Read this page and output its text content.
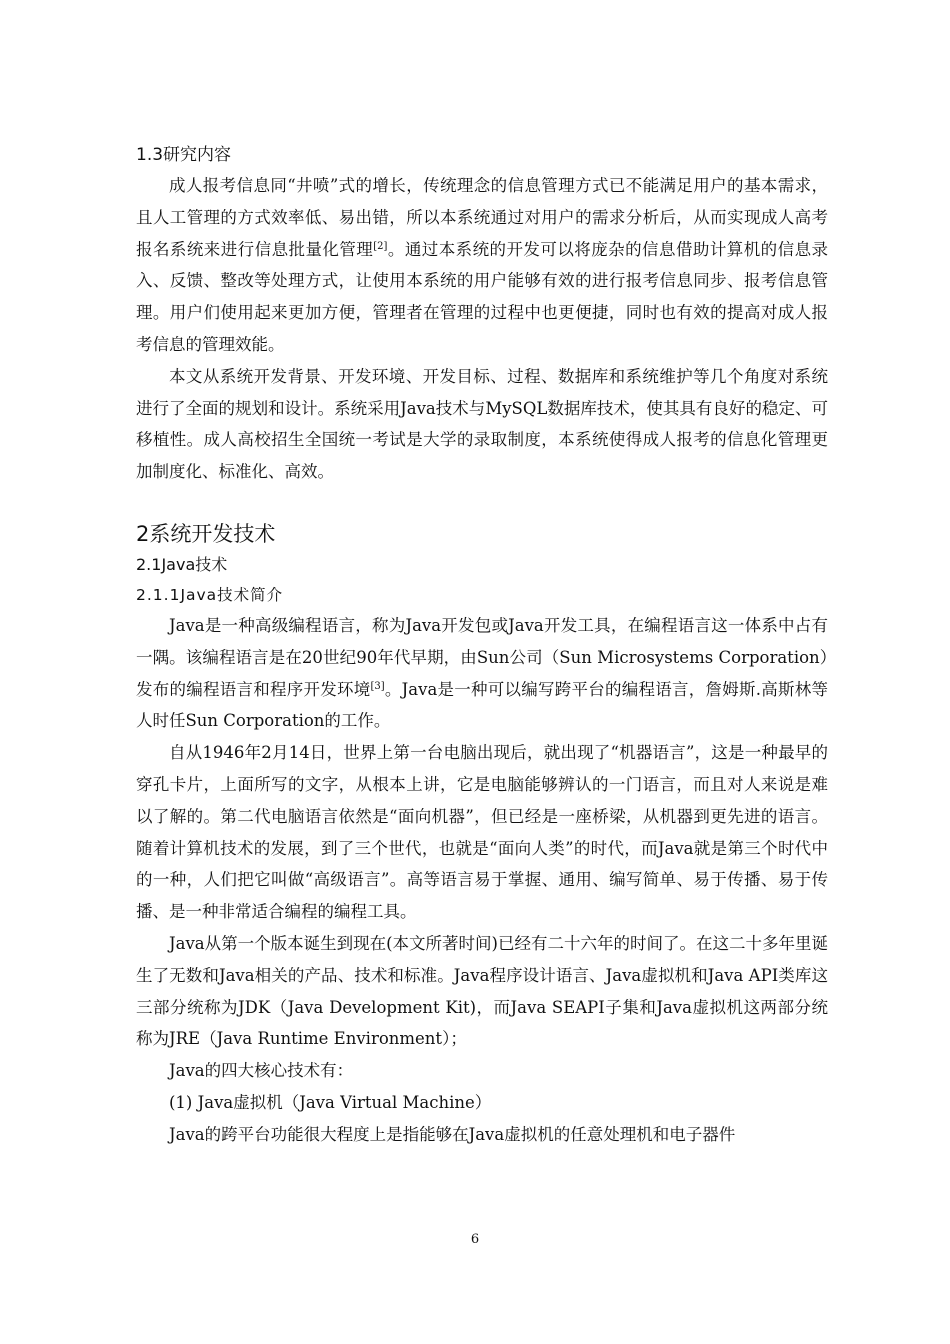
1.3研究内容

成人报考信息同“井喷”式的增长，传统理念的信息管理方式已不能满足用户的基本需求，且人工管理的方式效率低、易出错，所以本系统通过对用户的需求分析后，从而实现成人高考报名系统来进行信息批量化管理[2]。通过本系统的开发可以将庞杂的信息借助计算机的信息录入、反馈、整改等处理方式，让使用本系统的用户能够有效的进行报考信息同步、报考信息管理。用户们使用起来更加方便，管理者在管理的过程中也更便捷，同时也有效的提高对成人报考信息的管理效能。

本文从系统开发背景、开发环境、开发目标、过程、数据库和系统维护等几个角度对系统进行了全面的规划和设计。系统采用Java技术与MySQL数据库技术，使其具有良好的稳定、可移植性。成人高校招生全国统一考试是大学的录取制度，本系统使得成人报考的信息化管理更加制度化、标准化、高效。

2系统开发技术
2.1Java技术
2.1.1Java技术简介

Java是一种高级编程语言，称为Java开发包或Java开发工具，在编程语言这一体系中占有一隅。该编程语言是在20世纪90年代早期，由Sun公司（Sun Microsystems Corporation）发布的编程语言和程序开发环境[3]。Java是一种可以编写跨平台的编程语言，詹姆斯.高斯林等人时任Sun Corporation的工作。

自从1946年2月14日，世界上第一台电脑出现后，就出现了“机器语言”，这是一种最早的穿孔卡片，上面所写的文字，从根本上讲，它是电脑能够辨认的一门语言，而且对人来说是难以了解的。第二代电脑语言依然是“面向机器”，但已经是一座桥梁，从机器到更先进的语言。随着计算机技术的发展，到了三个世代，也就是“面向人类”的时代，而Java就是第三个时代中的一种，人们把它叫做“高级语言”。高等语言易于掌握、通用、编写简单、易于传播、易于传播、是一种非常适合编程的编程工具。

Java从第一个版本诞生到现在(本文所著时间)已经有二十六年的时间了。在这二十多年里诞生了无数和Java相关的产品、技术和标准。Java程序设计语言、Java虚拟机和Java API类库这三部分统称为JDK（Java Development Kit)，而Java SEAPI子集和Java虚拟机这两部分统称为JRE（Java Runtime Environment）；

Java的四大核心技术有：

(1) Java虚拟机（Java Virtual Machine）

Java的跨平台功能很大程度上是指能够在Java虚拟机的任意处理机和电子器件

6
